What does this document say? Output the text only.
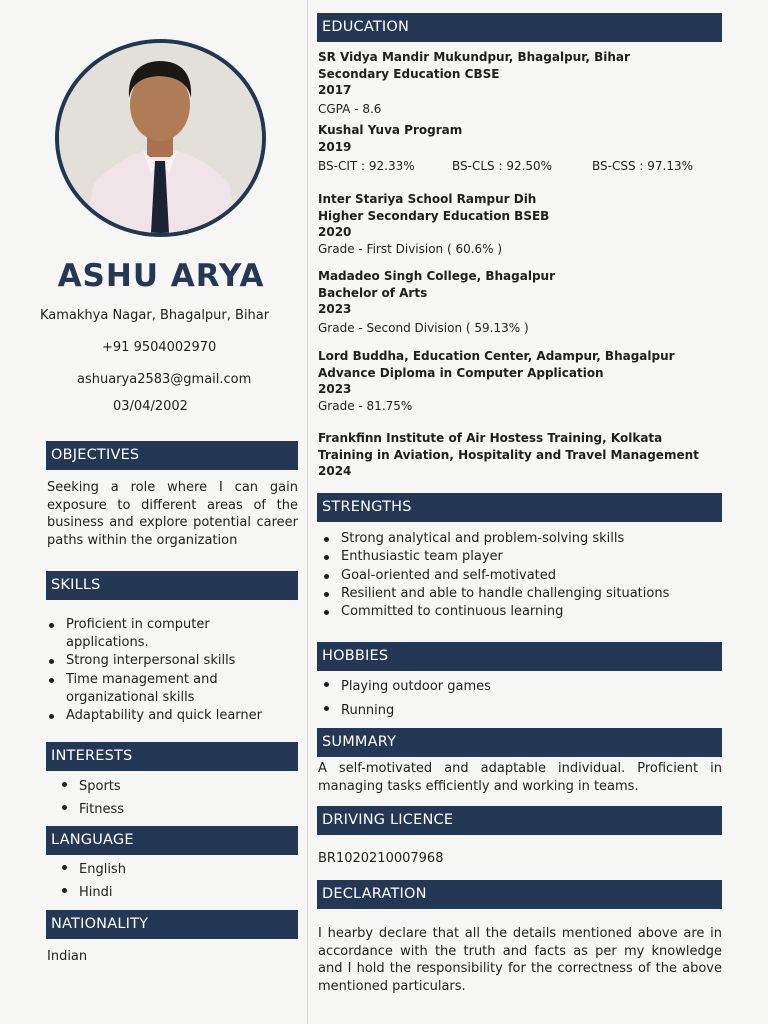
ASHU ARYA
Kamakhya Nagar, Bhagalpur, Bihar
+91 9504002970
ashuarya2583@gmail.com
03/04/2002
OBJECTIVES
Seeking a role where I can gain exposure to different areas of the business and explore potential career paths within the organization
SKILLS
Proficient in computer applications.
Strong interpersonal skills
Time management and organizational skills
Adaptability and quick learner
INTERESTS
Sports
Fitness
LANGUAGE
English
Hindi
NATIONALITY
Indian
EDUCATION
SR Vidya Mandir Mukundpur, Bhagalpur, Bihar
Secondary Education CBSE
2017
CGPA - 8.6
Kushal Yuva Program
2019
BS-CIT : 92.33%	BS-CLS : 92.50%	BS-CSS : 97.13%
Inter Stariya School Rampur Dih
Higher Secondary Education BSEB
2020
Grade - First Division ( 60.6% )
Madadeo Singh College, Bhagalpur
Bachelor of Arts
2023
Grade - Second Division ( 59.13% )
Lord Buddha, Education Center, Adampur, Bhagalpur
Advance Diploma in Computer Application
2023
Grade - 81.75%
Frankfinn Institute of Air Hostess Training, Kolkata
Training in Aviation, Hospitality and Travel Management
2024
STRENGTHS
Strong analytical and problem-solving skills
Enthusiastic team player
Goal-oriented and self-motivated
Resilient and able to handle challenging situations
Committed to continuous learning
HOBBIES
Playing outdoor games
Running
SUMMARY
A self-motivated and adaptable individual. Proficient in managing tasks efficiently and working in teams.
DRIVING LICENCE
BR1020210007968
DECLARATION
I hearby declare that all the details mentioned above are in accordance with the truth and facts as per my knowledge and I hold the responsibility for the correctness of the above mentioned particulars.
